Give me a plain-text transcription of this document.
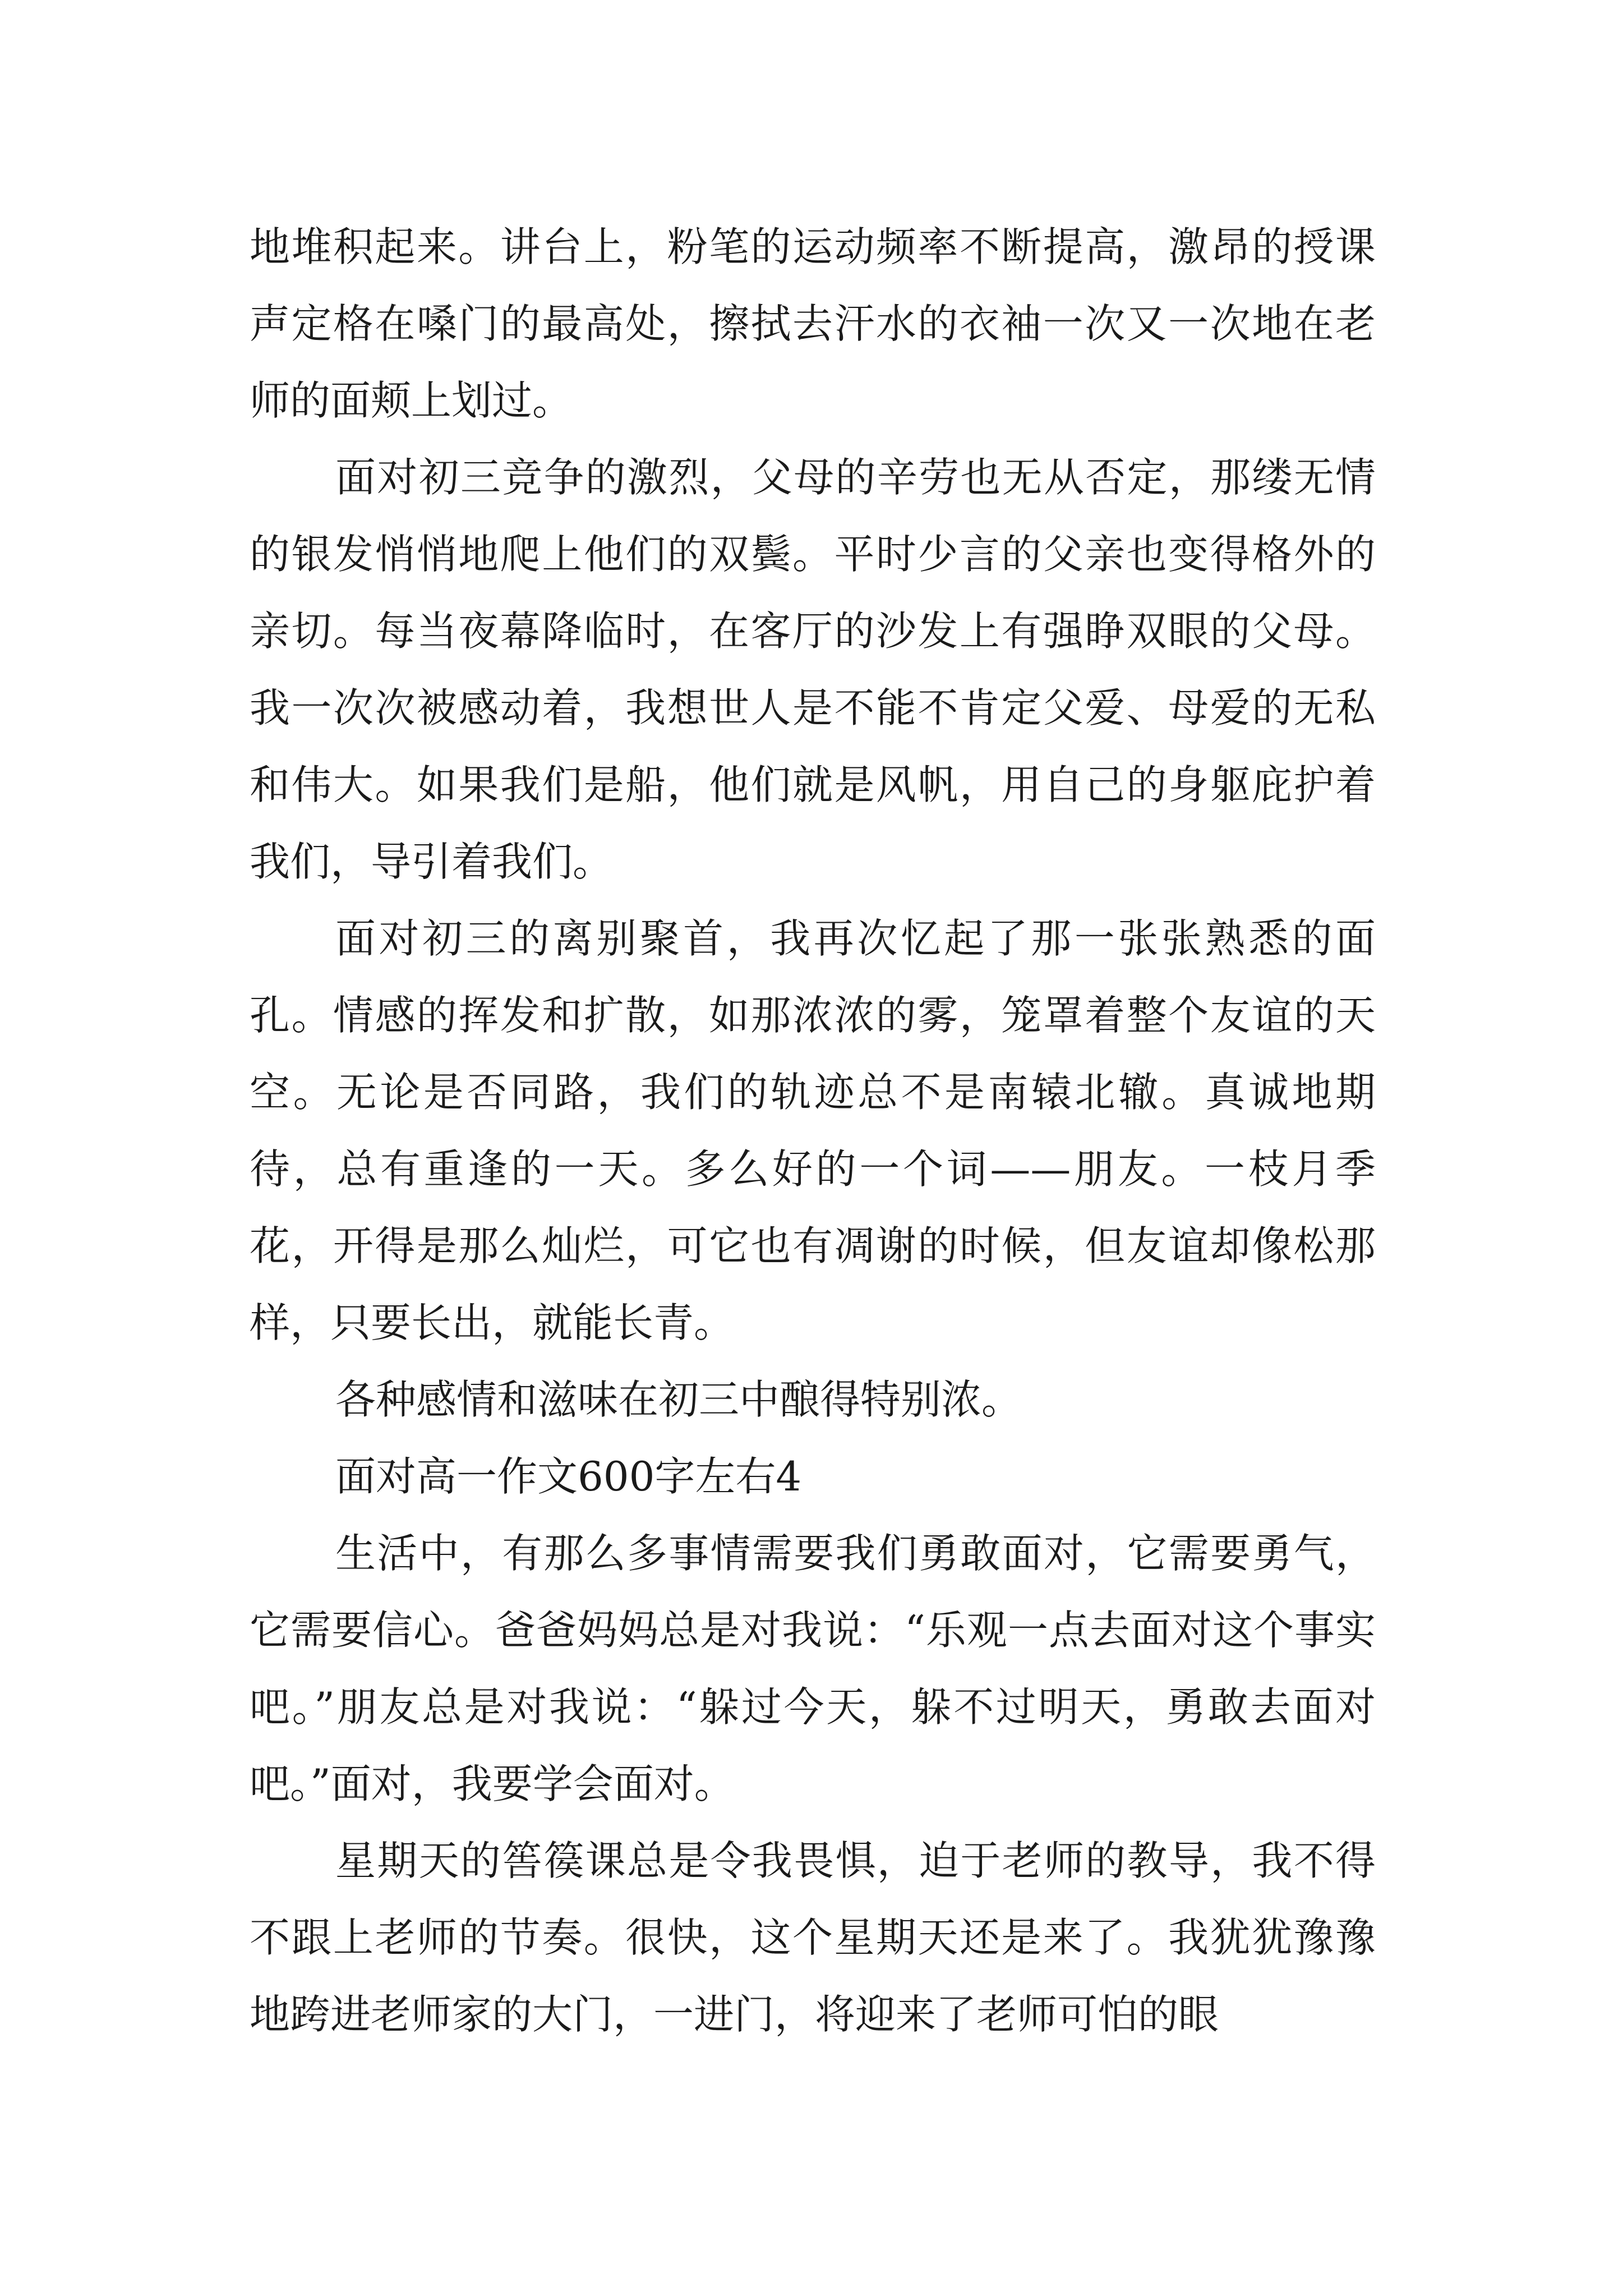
地堆积起来。讲台上，粉笔的运动频率不断提高，激昂的授课声定格在嗓门的最高处，擦拭去汗水的衣袖一次又一次地在老师的面颊上划过。

面对初三竞争的激烈，父母的辛劳也无从否定，那缕无情的银发悄悄地爬上他们的双鬓。平时少言的父亲也变得格外的亲切。每当夜幕降临时，在客厅的沙发上有强睁双眼的父母。我一次次被感动着，我想世人是不能不肯定父爱、母爱的无私和伟大。如果我们是船，他们就是风帆，用自己的身躯庇护着我们，导引着我们。

面对初三的离别聚首，我再次忆起了那一张张熟悉的面孔。情感的挥发和扩散，如那浓浓的雾，笼罩着整个友谊的天空。无论是否同路，我们的轨迹总不是南辕北辙。真诚地期待，总有重逢的一天。多么好的一个词——朋友。一枝月季花，开得是那么灿烂，可它也有凋谢的时候，但友谊却像松那样，只要长出，就能长青。

各种感情和滋味在初三中酿得特别浓。

面对高一作文600字左右4

生活中，有那么多事情需要我们勇敢面对，它需要勇气，它需要信心。爸爸妈妈总是对我说：“乐观一点去面对这个事实吧。”朋友总是对我说：“躲过今天，躲不过明天，勇敢去面对吧。”面对，我要学会面对。

星期天的筶篌课总是令我畏惧，迫于老师的教导，我不得不跟上老师的节奏。很快，这个星期天还是来了。我犹犹豫豫地跨进老师家的大门，一进门，将迎来了老师可怕的眼
